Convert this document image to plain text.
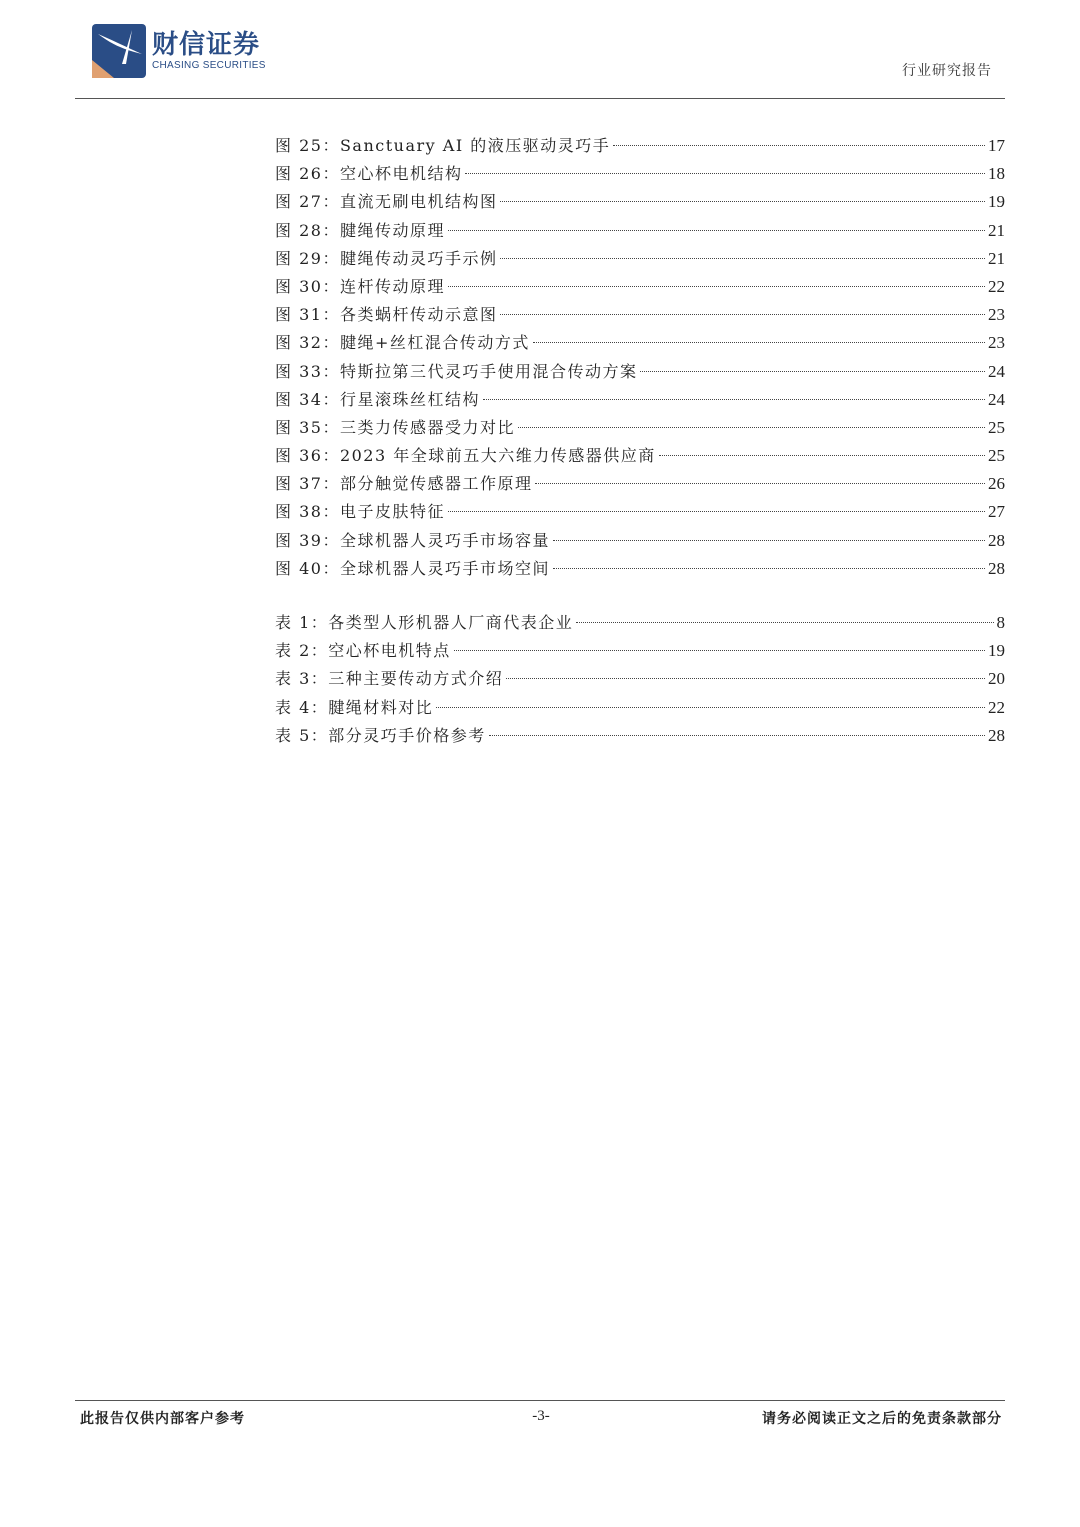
财信证券
CHASING SECURITIES	行业研究报告
图 25：Sanctuary AI 的液压驱动灵巧手	17
图 26：空心杯电机结构	18
图 27：直流无刷电机结构图	19
图 28：腱绳传动原理	21
图 29：腱绳传动灵巧手示例	21
图 30：连杆传动原理	22
图 31：各类蜗杆传动示意图	23
图 32：腱绳+丝杠混合传动方式	23
图 33：特斯拉第三代灵巧手使用混合传动方案	24
图 34：行星滚珠丝杠结构	24
图 35：三类力传感器受力对比	25
图 36：2023 年全球前五大六维力传感器供应商	25
图 37：部分触觉传感器工作原理	26
图 38：电子皮肤特征	27
图 39：全球机器人灵巧手市场容量	28
图 40：全球机器人灵巧手市场空间	28
表 1：各类型人形机器人厂商代表企业	8
表 2：空心杯电机特点	19
表 3：三种主要传动方式介绍	20
表 4：腱绳材料对比	22
表 5：部分灵巧手价格参考	28
此报告仅供内部客户参考	-3-	请务必阅读正文之后的免责条款部分
